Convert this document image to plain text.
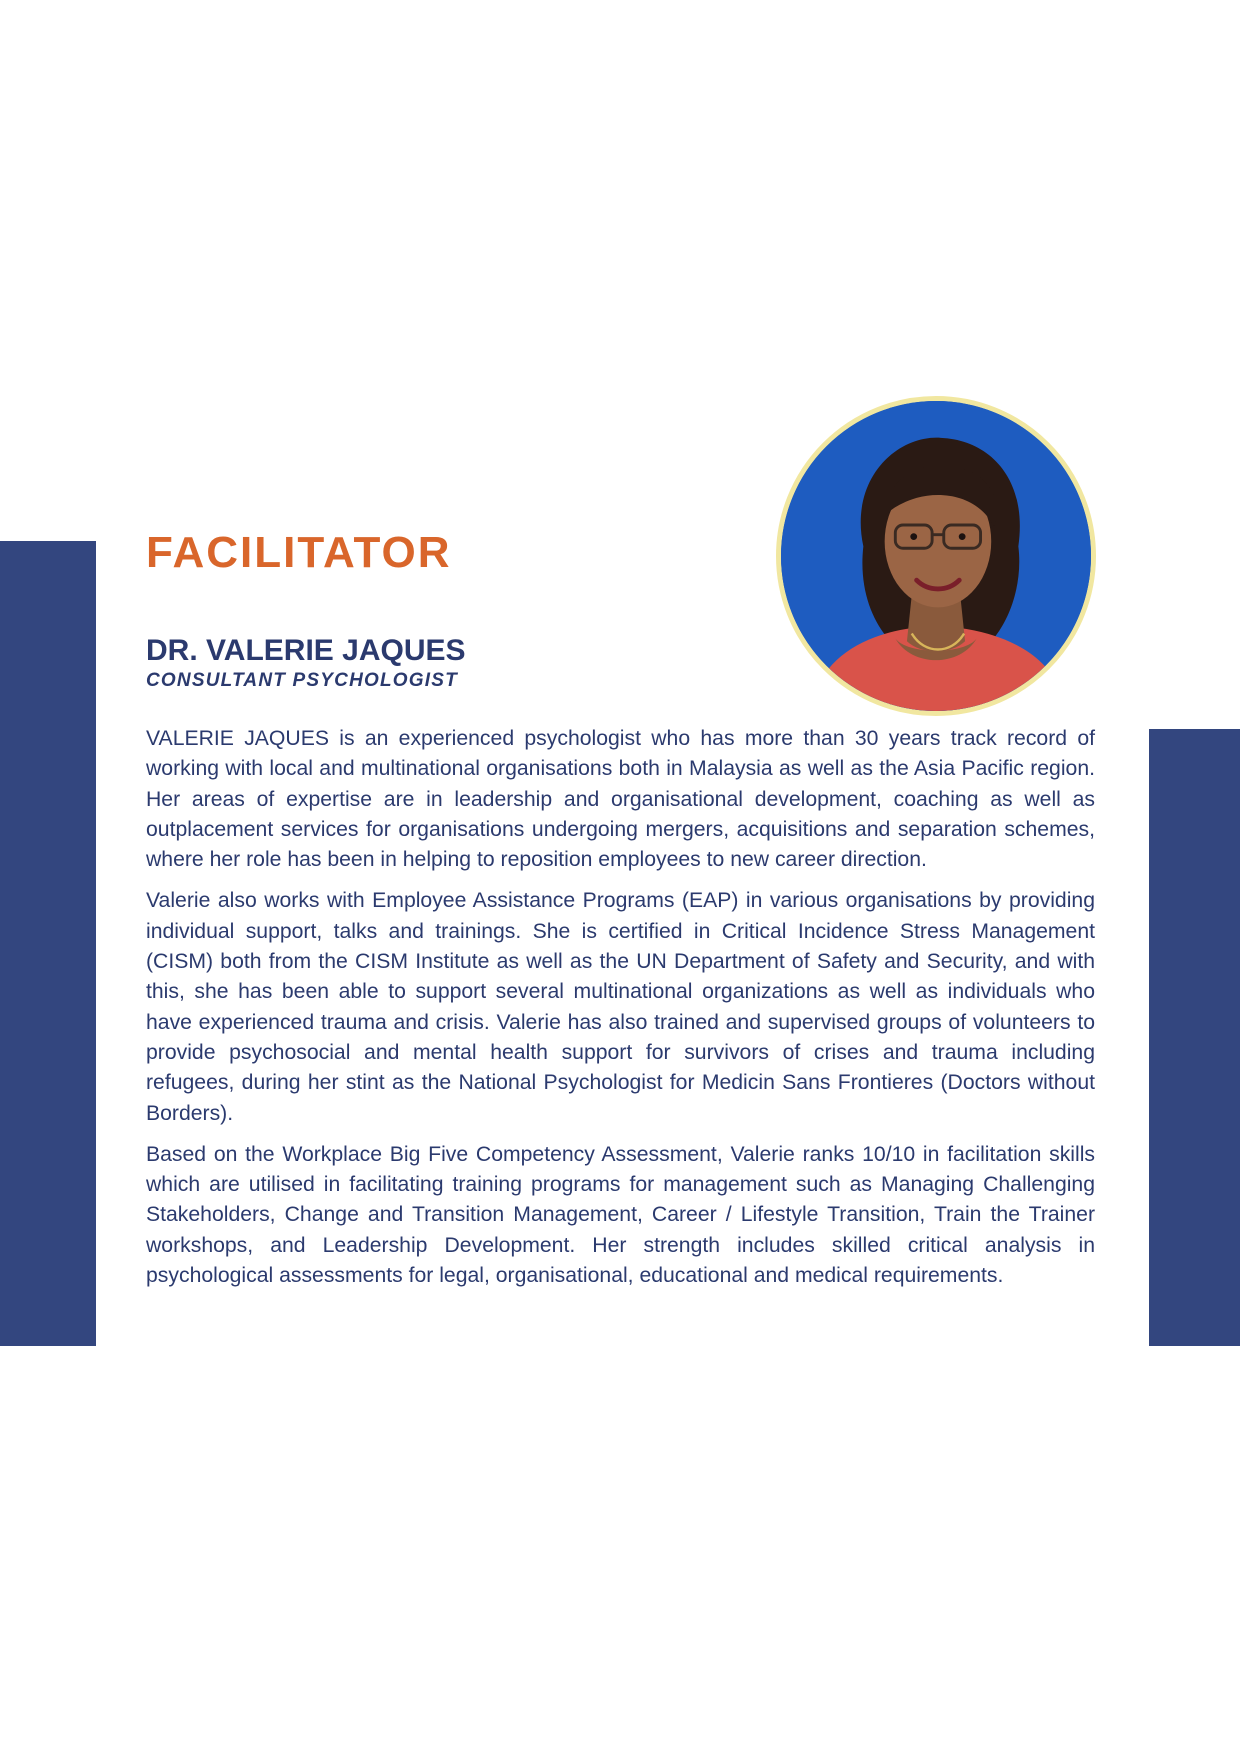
FACILITATOR
DR. VALERIE JAQUES
CONSULTANT PSYCHOLOGIST

VALERIE JAQUES is an experienced psychologist who has more than 30 years track record of working with local and multinational organisations both in Malaysia as well as the Asia Pacific region. Her areas of expertise are in leadership and organisational development, coaching as well as outplacement services for organisations undergoing mergers, acquisitions and separation schemes, where her role has been in helping to reposition employees to new career direction.

Valerie also works with Employee Assistance Programs (EAP) in various organisations by providing individual support, talks and trainings. She is certified in Critical Incidence Stress Management (CISM) both from the CISM Institute as well as the UN Department of Safety and Security, and with this, she has been able to support several multinational organizations as well as individuals who have experienced trauma and crisis. Valerie has also trained and supervised groups of volunteers to provide psychosocial and mental health support for survivors of crises and trauma including refugees, during her stint as the National Psychologist for Medicin Sans Frontieres (Doctors without Borders).

Based on the Workplace Big Five Competency Assessment, Valerie ranks 10/10 in facilitation skills which are utilised in facilitating training programs for management such as Managing Challenging Stakeholders, Change and Transition Management, Career / Lifestyle Transition, Train the Trainer workshops, and Leadership Development. Her strength includes skilled critical analysis in psychological assessments for legal, organisational, educational and medical requirements.
